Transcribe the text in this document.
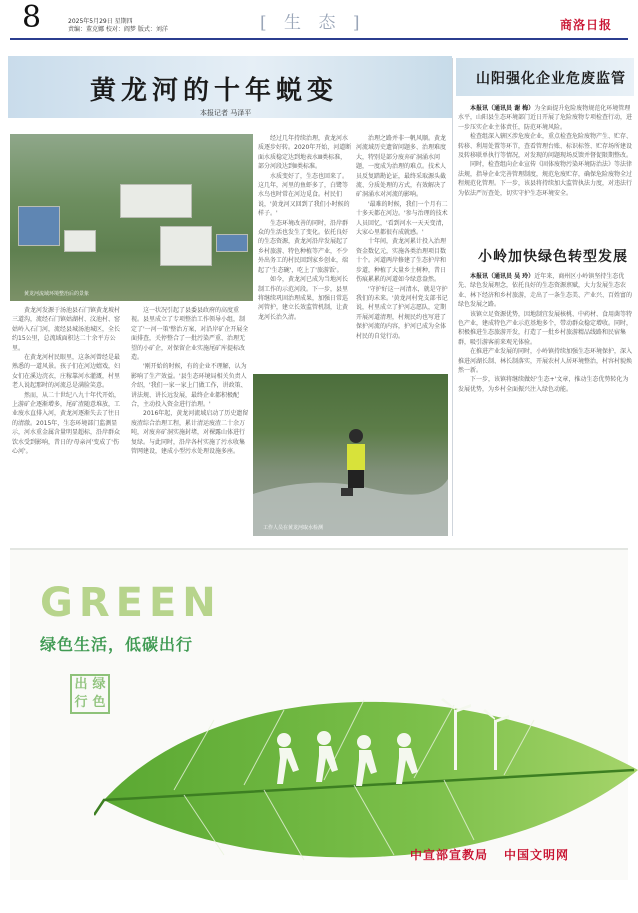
8	2025年5月29日 星期四
责编：董克娜 校对：阎梦 版式：刘洋	[ 生 态 ]	商洛日报
黄龙河的十年蜕变
本报记者 马泽平
黄龙河流域环境整治后的景象
工作人员在黄龙河取水检测

黄龙河发源于汤池县石门镇黄龙坡村三道沟，流经石门镇姑湖村、汶池村、窑姑岭入石门河，流经县城汤池城区，全长约15公里，总流域面积达二十余平方公里。

在黄龙河村民眼里，这条河曾经是最熟悉的一道风景。孩子们在河边嬉戏，妇女们在溪边浣衣，庄稼靠河水灌溉，村里老人说起那时的河流总是满脸笑意。

然而，从二十世纪八九十年代开始，上游矿企逐渐增多，尾矿渣随意堆放，工业废水直排入河，黄龙河逐渐失去了往日的清澈。2015年，生态环境部门监测显示，河水重金属含量明显超标，沿岸群众饮水受到影响，昔日的'母亲河'变成了'伤心河'。

这一状况引起了县委县政府的高度重视。县里成立了专项整治工作领导小组，制定了'一河一策'整治方案，对沿岸矿企开展全面排查，关停整合了一批污染严重、治理无望的小矿企，对保留企业实施尾矿库提标改造。

'刚开始的时候，有的企业不理解，认为影响了生产效益。'县生态环境局相关负责人介绍，'我们一家一家上门做工作，讲政策、讲法规、讲长远发展，最终企业都积极配合，主动投入资金进行治理。'

2016年起，黄龙河流域启动了历史遗留废渣综合治理工程，累计清运废渣二十余万吨，对废弃矿洞实施封堵，对裸露山体进行复绿。与此同时，沿岸各村实施了污水收集管网建设，建成小型污水处理设施多座。

经过几年持续治理，黄龙河水质逐步好转。2020年开始，河道断面水质稳定达到地表水Ⅲ类标准，部分河段达到Ⅱ类标准。

水质变好了，生态也回来了。这几年，河里的鱼虾多了，白鹭等水鸟也时常在河边觅食。村民们说，'黄龙河又回到了我们小时候的样子。'

生态环境改善的同时，沿岸群众的生活也发生了变化。依托良好的生态资源，黄龙河沿岸发展起了乡村旅游、特色种植等产业，不少外出务工的村民回到家乡创业，端起了'生态碗'，吃上了'旅游饭'。

如今，黄龙河已成为当地河长制工作的示范河段。下一步，县里将继续巩固治理成果，加强日常巡河管护，建立长效监管机制，让黄龙河长治久清。

治理之路并非一帆风顺。黄龙河流域历史遗留问题多、治理难度大，特别是部分废弃矿洞涌水问题，一度成为治理的难点。技术人员反复踏勘论证，最终采取源头截流、分质处理的方式，有效解决了矿洞涌水对河流的影响。

'最难的时候，我们一个月有二十多天都在河边。'参与治理的技术人员回忆，'看到河水一天天变清，大家心里都很有成就感。'

十年间，黄龙河累计投入治理资金数亿元，实施各类治理项目数十个。河道两岸修建了生态护岸和步道，种植了大量乡土树种，昔日伤痕累累的河道如今绿意盎然。

'守护好这一河清水，就是守护我们的未来。'黄龙河村党支部书记说，村里成立了护河志愿队，定期开展河道清理，村规民约也写进了保护河流的内容，护河已成为全体村民的自觉行动。

山阳强化企业危废监管

本报讯（通讯员 谢 梅）为全面提升危险废物规范化环境管理水平，山阳县生态环境部门近日开展了危险废物专项检查行动，进一步压实企业主体责任，防范环境风险。

检查组深入辖区涉危废企业，重点检查危险废物产生、贮存、转移、利用处置等环节，查看管理台账、标识标签、贮存场所建设及转移联单执行等情况，对发现的问题现场反馈并督促限期整改。

同时，检查组向企业宣传《固体废物污染环境防治法》等法律法规，指导企业完善管理制度，规范危废贮存，确保危险废物全过程规范化管理。下一步，该县将持续加大监管执法力度，对违法行为依法严厉查处，切实守护生态环境安全。

小岭加快绿色转型发展

本报讯（通讯员 吴 玲）近年来，商州区小岭镇坚持生态优先、绿色发展理念，依托良好的生态资源禀赋，大力发展生态农业、林下经济和乡村旅游，走出了一条生态美、产业兴、百姓富的绿色发展之路。

该镇立足资源优势，因地制宜发展核桃、中药材、食用菌等特色产业，建成特色产业示范基地多个，带动群众稳定增收。同时，积极推进生态旅游开发，打造了一批乡村旅游精品线路和民宿集群，吸引游客前来观光体验。

在推进产业发展的同时，小岭镇持续加强生态环境保护，深入推进河湖长制、林长制落实，开展农村人居环境整治，村容村貌焕然一新。

下一步，该镇将继续做好'生态+'文章，推动生态优势转化为发展优势，为乡村全面振兴注入绿色动能。

GREEN
绿色生活，低碳出行
出 绿
行 色
中宣部宣教局 中国文明网
